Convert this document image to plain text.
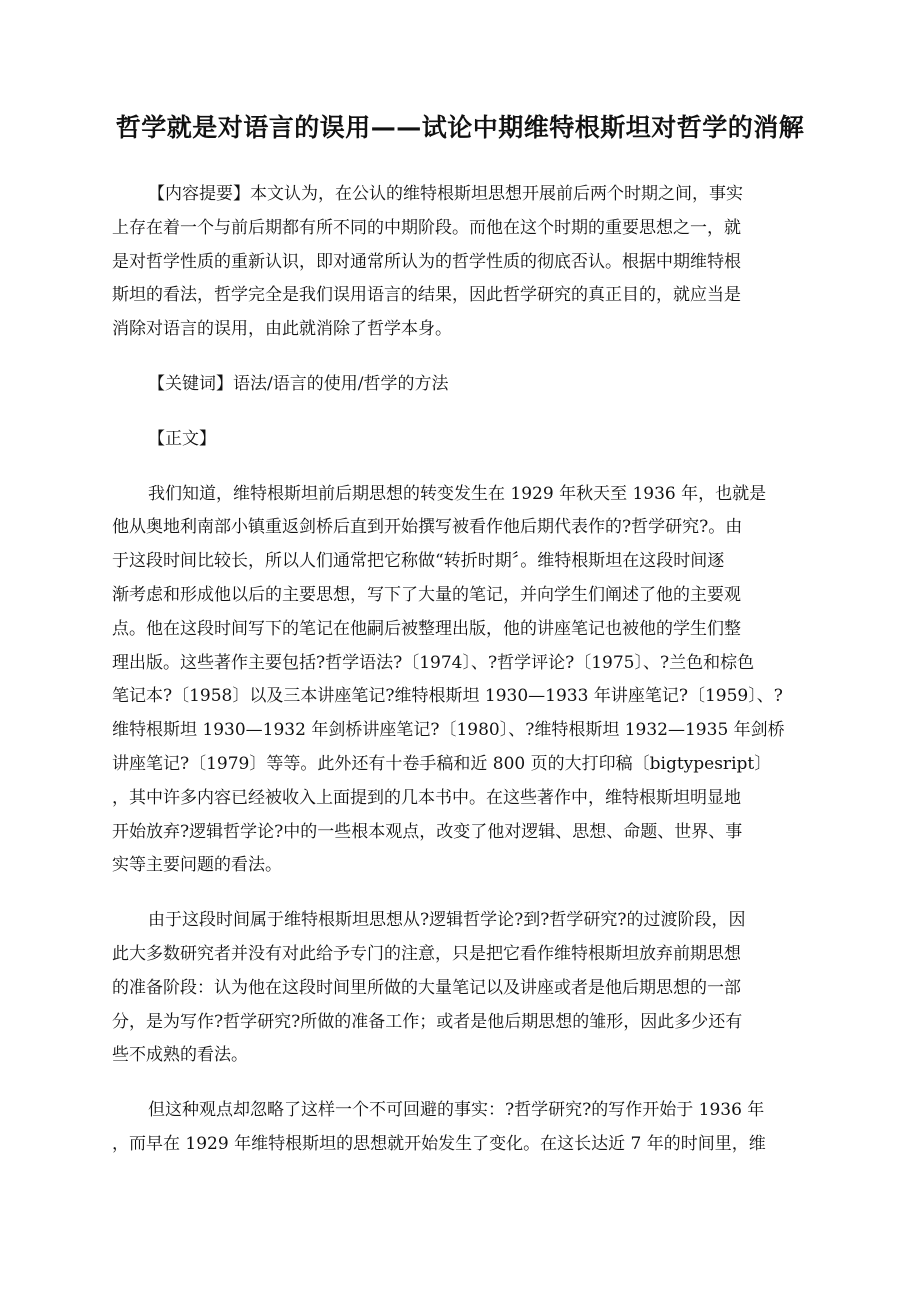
哲学就是对语言的误用——试论中期维特根斯坦对哲学的消解
【内容提要】本文认为，在公认的维特根斯坦思想开展前后两个时期之间，事实
上存在着一个与前后期都有所不同的中期阶段。而他在这个时期的重要思想之一，就
是对哲学性质的重新认识，即对通常所认为的哲学性质的彻底否认。根据中期维特根
斯坦的看法，哲学完全是我们误用语言的结果，因此哲学研究的真正目的，就应当是
消除对语言的误用，由此就消除了哲学本身。
【关键词】语法/语言的使用/哲学的方法
【正文】
我们知道，维特根斯坦前后期思想的转变发生在 1929 年秋天至 1936 年，也就是
他从奥地利南部小镇重返剑桥后直到开始撰写被看作他后期代表作的?哲学研究?。由
于这段时间比较长，所以人们通常把它称做“转折时期〞。维特根斯坦在这段时间逐
渐考虑和形成他以后的主要思想，写下了大量的笔记，并向学生们阐述了他的主要观
点。他在这段时间写下的笔记在他嗣后被整理出版，他的讲座笔记也被他的学生们整
理出版。这些著作主要包括?哲学语法?〔1974〕、?哲学评论?〔1975〕、?兰色和棕色
笔记本?〔1958〕以及三本讲座笔记?维特根斯坦 1930—1933 年讲座笔记?〔1959〕、?
维特根斯坦 1930—1932 年剑桥讲座笔记?〔1980〕、?维特根斯坦 1932—1935 年剑桥
讲座笔记?〔1979〕等等。此外还有十卷手稿和近 800 页的大打印稿〔bigtypesript〕
，其中许多内容已经被收入上面提到的几本书中。在这些著作中，维特根斯坦明显地
开始放弃?逻辑哲学论?中的一些根本观点，改变了他对逻辑、思想、命题、世界、事
实等主要问题的看法。
由于这段时间属于维特根斯坦思想从?逻辑哲学论?到?哲学研究?的过渡阶段，因
此大多数研究者并没有对此给予专门的注意，只是把它看作维特根斯坦放弃前期思想
的准备阶段：认为他在这段时间里所做的大量笔记以及讲座或者是他后期思想的一部
分，是为写作?哲学研究?所做的准备工作；或者是他后期思想的雏形，因此多少还有
些不成熟的看法。
但这种观点却忽略了这样一个不可回避的事实：?哲学研究?的写作开始于 1936 年
，而早在 1929 年维特根斯坦的思想就开始发生了变化。在这长达近 7 年的时间里，维
